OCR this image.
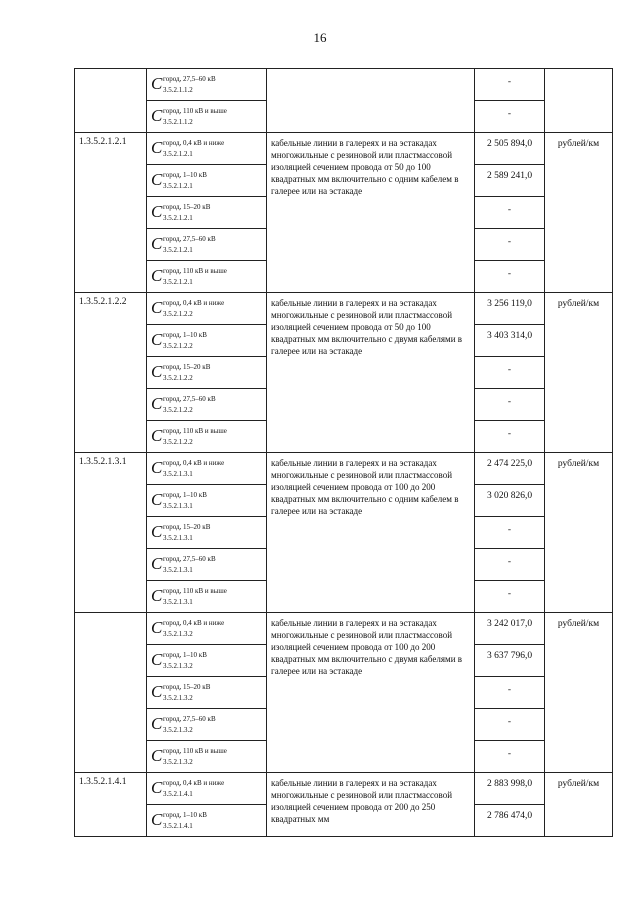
16

	C город, 27,5–60 кВ
3.5.2.1.1.2		-	

	C город, 110 кВ и выше
3.5.2.1.1.2		-	

1.3.5.2.1.2.1	C город, 0,4 кВ и ниже
3.5.2.1.2.1	кабельные линии в галереях и на эстакадах многожильные с резиновой или пластмассовой изоляцией сечением провода от 50 до 100 квадратных мм включительно с одним кабелем в галерее или на эстакаде	2 505 894,0	рублей/км

	C город, 1–10 кВ
3.5.2.1.2.1		2 589 241,0	

	C город, 15–20 кВ
3.5.2.1.2.1		-	

	C город, 27,5–60 кВ
3.5.2.1.2.1		-	

	C город, 110 кВ и выше
3.5.2.1.2.1		-	

1.3.5.2.1.2.2	C город, 0,4 кВ и ниже
3.5.2.1.2.2	кабельные линии в галереях и на эстакадах многожильные с резиновой или пластмассовой изоляцией сечением провода от 50 до 100 квадратных мм включительно с двумя кабелями в галерее или на эстакаде	3 256 119,0	рублей/км

	C город, 1–10 кВ
3.5.2.1.2.2		3 403 314,0	

	C город, 15–20 кВ
3.5.2.1.2.2		-	

	C город, 27,5–60 кВ
3.5.2.1.2.2		-	

	C город, 110 кВ и выше
3.5.2.1.2.2		-	

1.3.5.2.1.3.1	C город, 0,4 кВ и ниже
3.5.2.1.3.1	кабельные линии в галереях и на эстакадах многожильные с резиновой или пластмассовой изоляцией сечением провода от 100 до 200 квадратных мм включительно с одним кабелем в галерее или на эстакаде	2 474 225,0	рублей/км

	C город, 1–10 кВ
3.5.2.1.3.1		3 020 826,0	

	C город, 15–20 кВ
3.5.2.1.3.1		-	

	C город, 27,5–60 кВ
3.5.2.1.3.1		-	

	C город, 110 кВ и выше
3.5.2.1.3.1		-	

	C город, 0,4 кВ и ниже
3.5.2.1.3.2	кабельные линии в галереях и на эстакадах многожильные с резиновой или пластмассовой изоляцией сечением провода от 100 до 200 квадратных мм включительно с двумя кабелями в галерее или на эстакаде	3 242 017,0	рублей/км

	C город, 1–10 кВ
3.5.2.1.3.2		3 637 796,0	

	C город, 15–20 кВ
3.5.2.1.3.2		-	

	C город, 27,5–60 кВ
3.5.2.1.3.2		-	

	C город, 110 кВ и выше
3.5.2.1.3.2		-	

1.3.5.2.1.4.1	C город, 0,4 кВ и ниже
3.5.2.1.4.1	кабельные линии в галереях и на эстакадах многожильные с резиновой или пластмассовой изоляцией сечением провода от 200 до 250 квадратных мм	2 883 998,0	рублей/км

	C город, 1–10 кВ
3.5.2.1.4.1		2 786 474,0	
